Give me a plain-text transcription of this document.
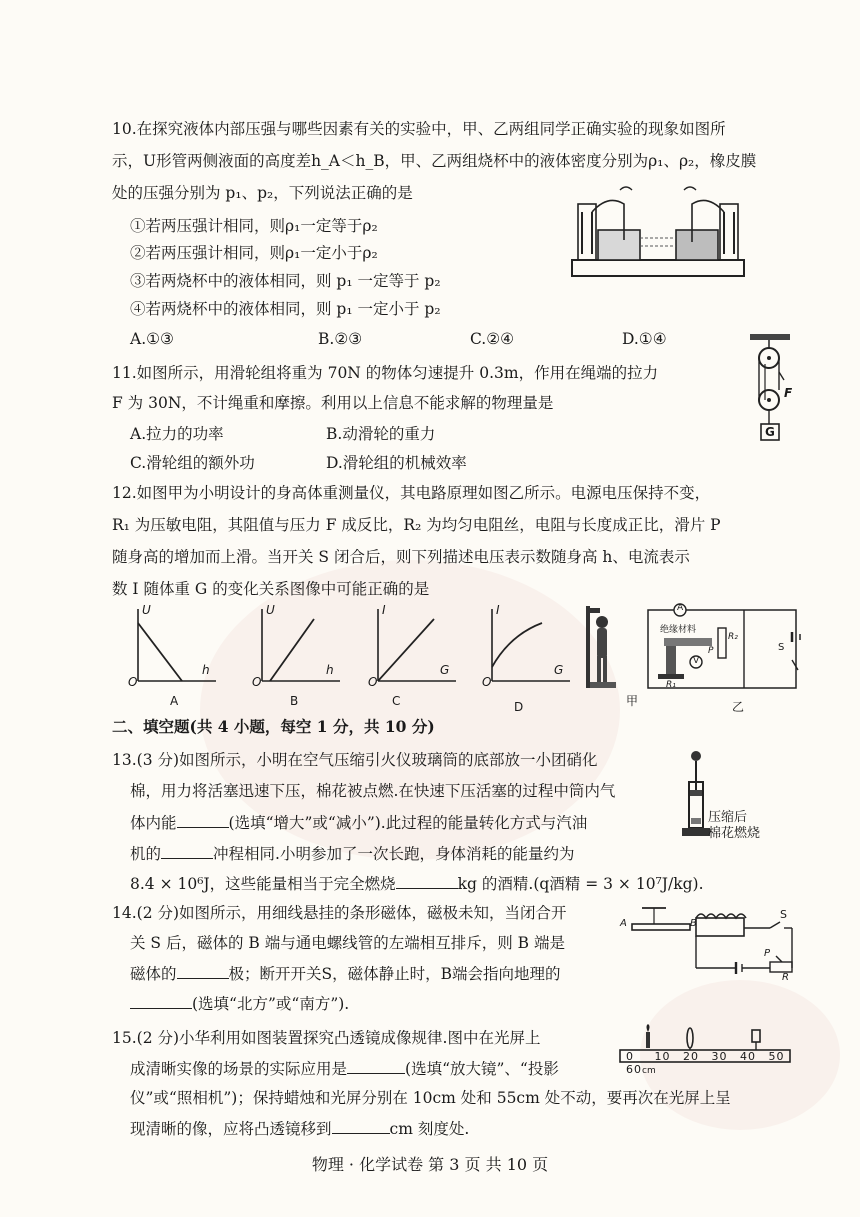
10.在探究液体内部压强与哪些因素有关的实验中，甲、乙两组同学正确实验的现象如图所
示，U形管两侧液面的高度差h_A＜h_B，甲、乙两组烧杯中的液体密度分别为ρ₁、ρ₂，橡皮膜
处的压强分别为 p₁、p₂，下列说法正确的是
①若两压强计相同，则ρ₁一定等于ρ₂
②若两压强计相同，则ρ₁一定小于ρ₂
③若两烧杯中的液体相同，则 p₁ 一定等于 p₂
④若两烧杯中的液体相同，则 p₁ 一定小于 p₂
A.①③	B.②③	C.②④	D.①④
11.如图所示，用滑轮组将重为 70N 的物体匀速提升 0.3m，作用在绳端的拉力
F 为 30N，不计绳重和摩擦。利用以上信息不能求解的物理量是
A.拉力的功率	B.动滑轮的重力
C.滑轮组的额外功	D.滑轮组的机械效率
F
G
12.如图甲为小明设计的身高体重测量仪，其电路原理如图乙所示。电源电压保持不变，
R₁ 为压敏电阻，其阻值与压力 F 成反比，R₂ 为均匀电阻丝，电阻与长度成正比，滑片 P
随身高的增加而上滑。当开关 S 闭合后，则下列描述电压表示数随身高 h、电流表示
数 I 随体重 G 的变化关系图像中可能正确的是
U
h
O
A
U
h
O
B
I
G
O
C
I
G
O
D	甲
A
V
绝缘材料
R₂
P	S
R₁
乙
二、填空题(共 4 小题，每空 1 分，共 10 分)
13.(3 分)如图所示，小明在空气压缩引火仪玻璃筒的底部放一小团硝化
棉，用力将活塞迅速下压，棉花被点燃.在快速下压活塞的过程中筒内气
体内能	(选填“增大”或“减小”).此过程的能量转化方式与汽油
机的	冲程相同.小明参加了一次长跑，身体消耗的能量约为
8.4 × 10⁶J，这些能量相当于完全燃烧	kg 的酒精.(q酒精 = 3 × 10⁷J/kg).
压缩后
棉花燃烧
14.(2 分)如图所示，用细线悬挂的条形磁体，磁极未知，当闭合开
关 S 后，磁体的 B 端与通电螺线管的左端相互排斥，则 B 端是
磁体的	极；断开开关S，磁体静止时，B端会指向地理的
(选填“北方”或“南方”).
A	B
S
P
R
15.(2 分)小华利用如图装置探究凸透镜成像规律.图中在光屏上
成清晰实像的场景的实际应用是	(选填“放大镜”、“投影
仪”或“照相机”)；保持蜡烛和光屏分别在 10cm 处和 55cm 处不动，要再次在光屏上呈
现清晰的像，应将凸透镜移到	cm 刻度处.
0 10 20 30 40 50 60cm
物理 · 化学试卷 第 3 页 共 10 页
